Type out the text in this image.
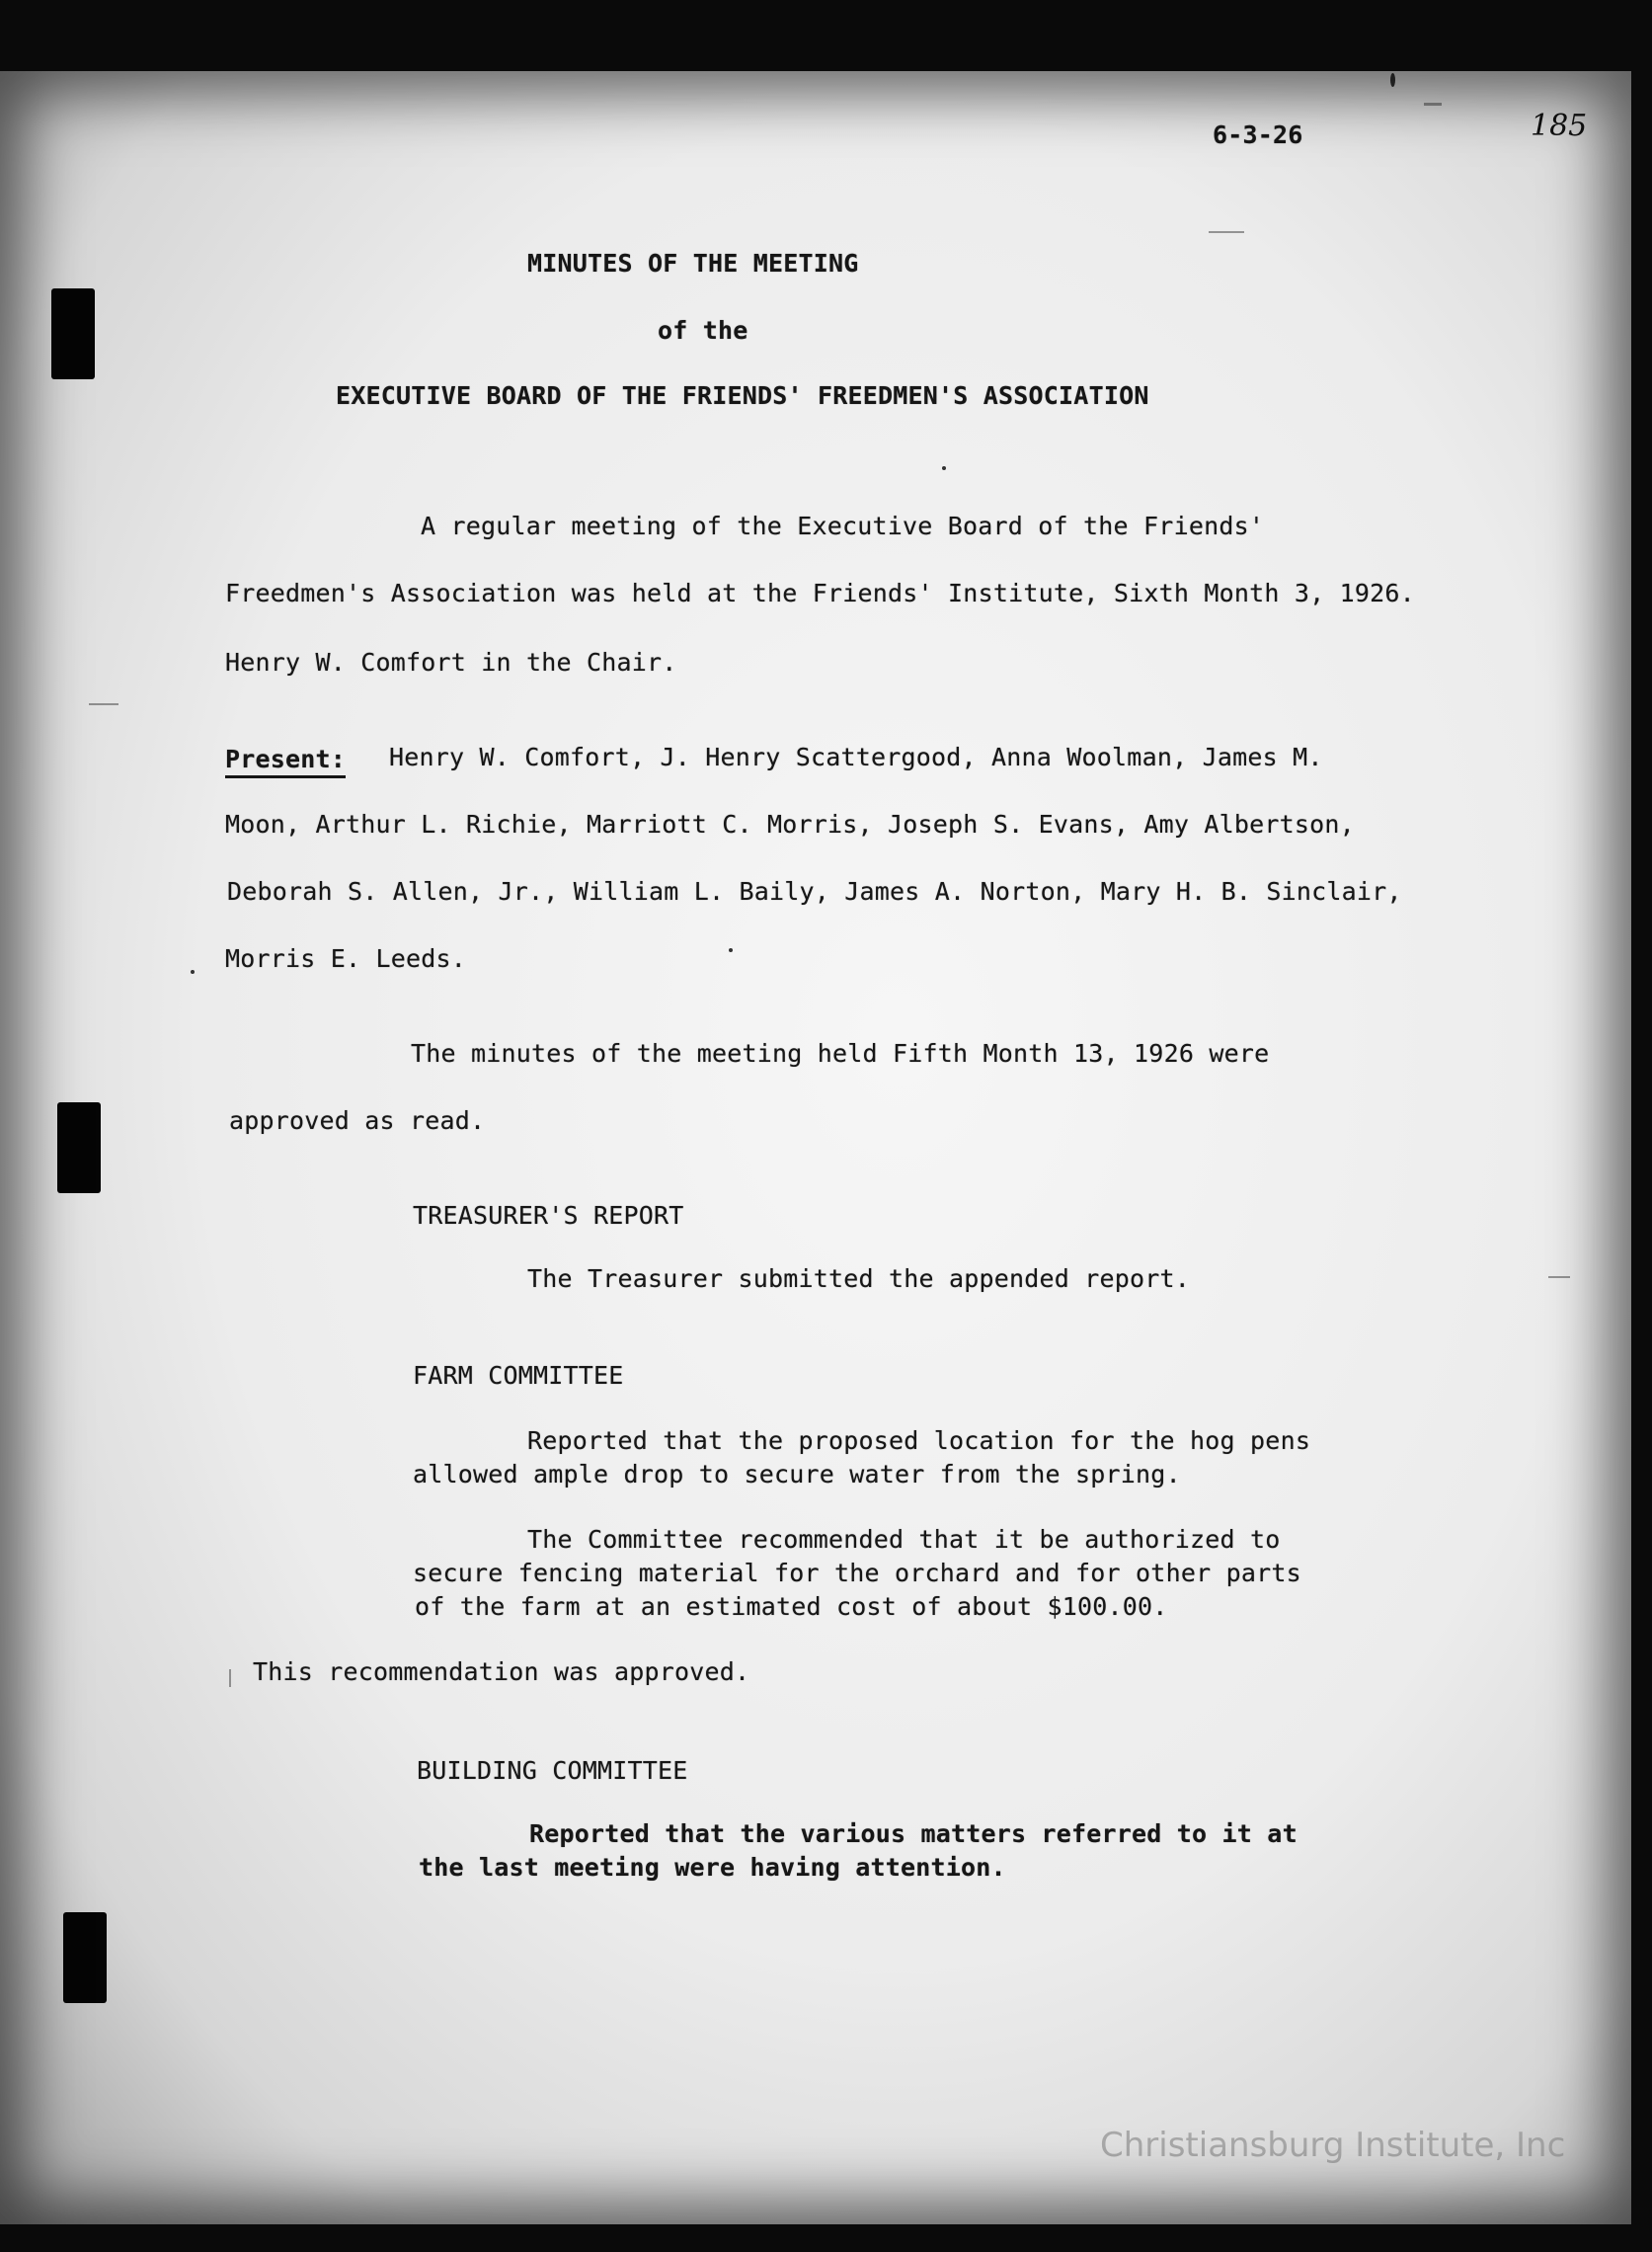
6-3-26	185
MINUTES OF THE MEETING
of the
EXECUTIVE BOARD OF THE FRIENDS' FREEDMEN'S ASSOCIATION
A regular meeting of the Executive Board of the Friends'
Freedmen's Association was held at the Friends' Institute, Sixth Month 3, 1926.
Henry W. Comfort in the Chair.
Present: Henry W. Comfort, J. Henry Scattergood, Anna Woolman, James M.
Moon, Arthur L. Richie, Marriott C. Morris, Joseph S. Evans, Amy Albertson,
Deborah S. Allen, Jr., William L. Baily, James A. Norton, Mary H. B. Sinclair,
Morris E. Leeds.
The minutes of the meeting held Fifth Month 13, 1926 were
approved as read.
TREASURER'S REPORT
The Treasurer submitted the appended report.
FARM COMMITTEE
Reported that the proposed location for the hog pens
allowed ample drop to secure water from the spring.
The Committee recommended that it be authorized to
secure fencing material for the orchard and for other parts
of the farm at an estimated cost of about $100.00.
This recommendation was approved.
BUILDING COMMITTEE
Reported that the various matters referred to it at
the last meeting were having attention.
Christiansburg Institute, Inc
